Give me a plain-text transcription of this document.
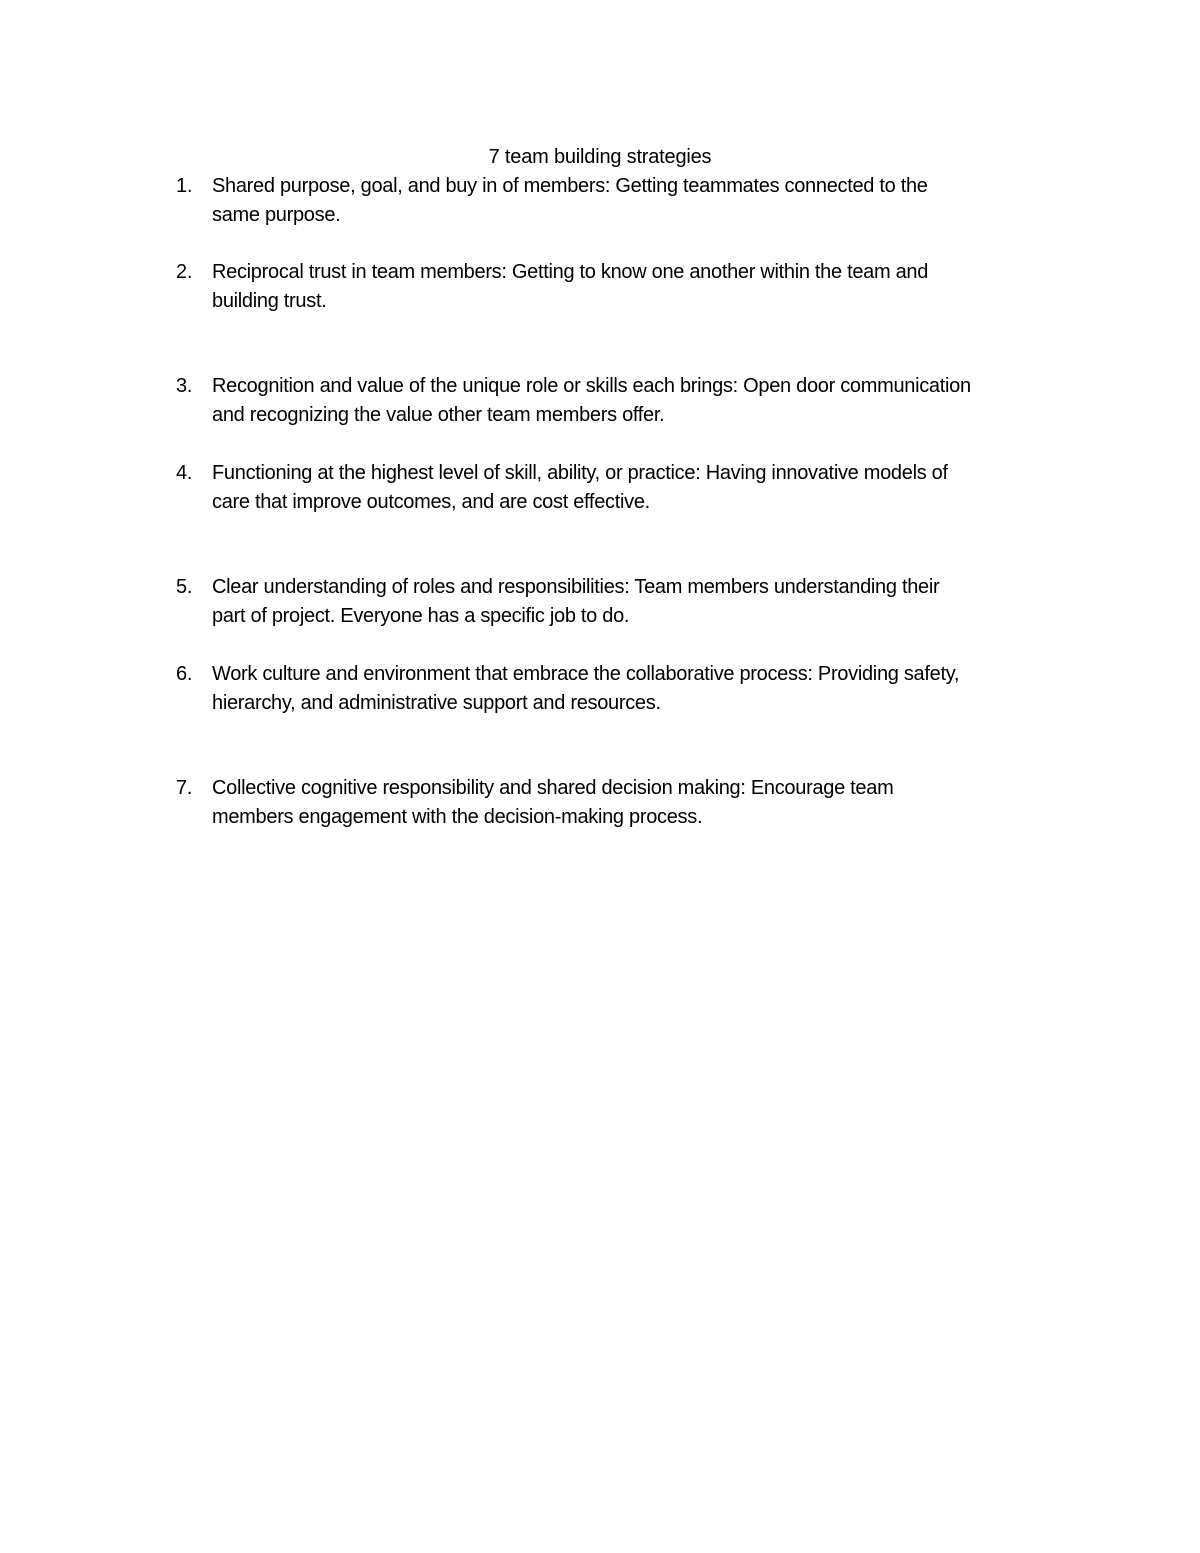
7 team building strategies
1. Shared purpose, goal, and buy in of members: Getting teammates connected to the
same purpose.
2. Reciprocal trust in team members: Getting to know one another within the team and
building trust.
3. Recognition and value of the unique role or skills each brings: Open door communication
and recognizing the value other team members offer.
4. Functioning at the highest level of skill, ability, or practice: Having innovative models of
care that improve outcomes, and are cost effective.
5. Clear understanding of roles and responsibilities: Team members understanding their
part of project. Everyone has a specific job to do.
6. Work culture and environment that embrace the collaborative process: Providing safety,
hierarchy, and administrative support and resources.
7. Collective cognitive responsibility and shared decision making: Encourage team
members engagement with the decision-making process.
